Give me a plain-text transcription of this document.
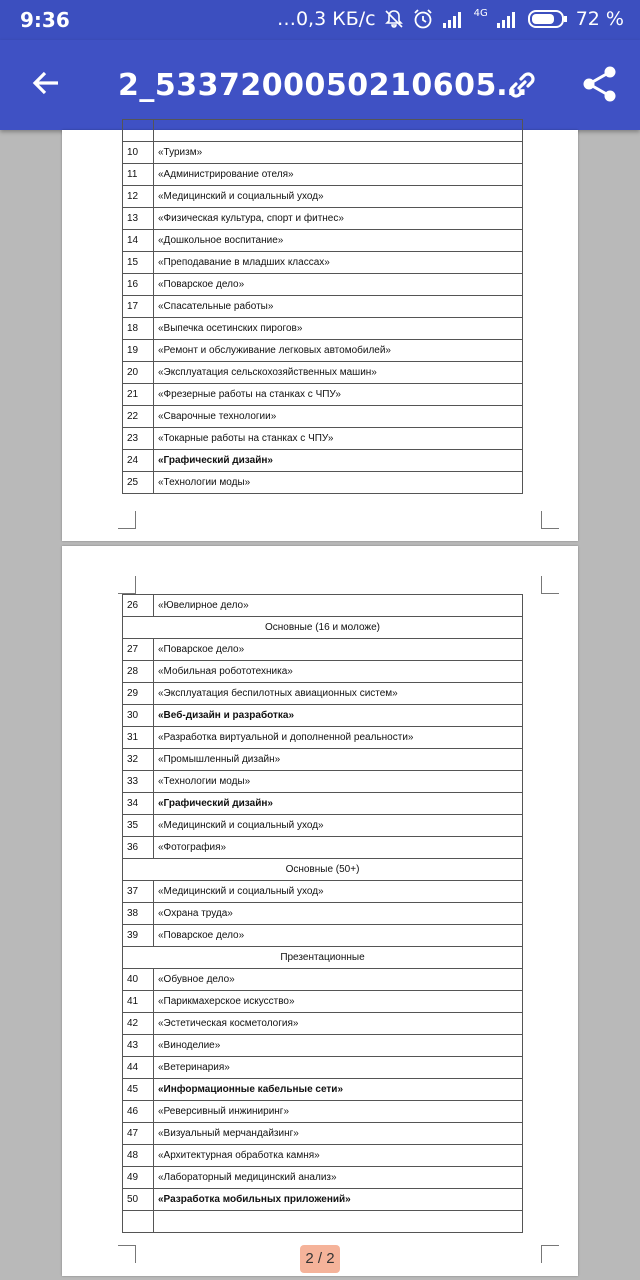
9:36	…0,3 КБ/с	4G	72 %
2_5337200050210605…

10	«Туризм»
11	«Администрирование отеля»
12	«Медицинский и социальный уход»
13	«Физическая культура, спорт и фитнес»
14	«Дошкольное воспитание»
15	«Преподавание в младших классах»
16	«Поварское дело»
17	«Спасательные работы»
18	«Выпечка осетинских пирогов»
19	«Ремонт и обслуживание легковых автомобилей»
20	«Эксплуатация сельскохозяйственных машин»
21	«Фрезерные работы на станках с ЧПУ»
22	«Сварочные технологии»
23	«Токарные работы на станках с ЧПУ»
24	«Графический дизайн»
25	«Технологии моды»
26	«Ювелирное дело»
Основные (16 и моложе)	
27	«Поварское дело»
28	«Мобильная робототехника»
29	«Эксплуатация беспилотных авиационных систем»
30	«Веб-дизайн и разработка»
31	«Разработка виртуальной и дополненной реальности»
32	«Промышленный дизайн»
33	«Технологии моды»
34	«Графический дизайн»
35	«Медицинский и социальный уход»
36	«Фотография»
Основные (50+)	
37	«Медицинский и социальный уход»
38	«Охрана труда»
39	«Поварское дело»
Презентационные	
40	«Обувное дело»
41	«Парикмахерское искусство»
42	«Эстетическая косметология»
43	«Виноделие»
44	«Ветеринария»
45	«Информационные кабельные сети»
46	«Реверсивный инжиниринг»
47	«Визуальный мерчандайзинг»
48	«Архитектурная обработка камня»
49	«Лабораторный медицинский анализ»
50	«Разработка мобильных приложений»

2 / 2
